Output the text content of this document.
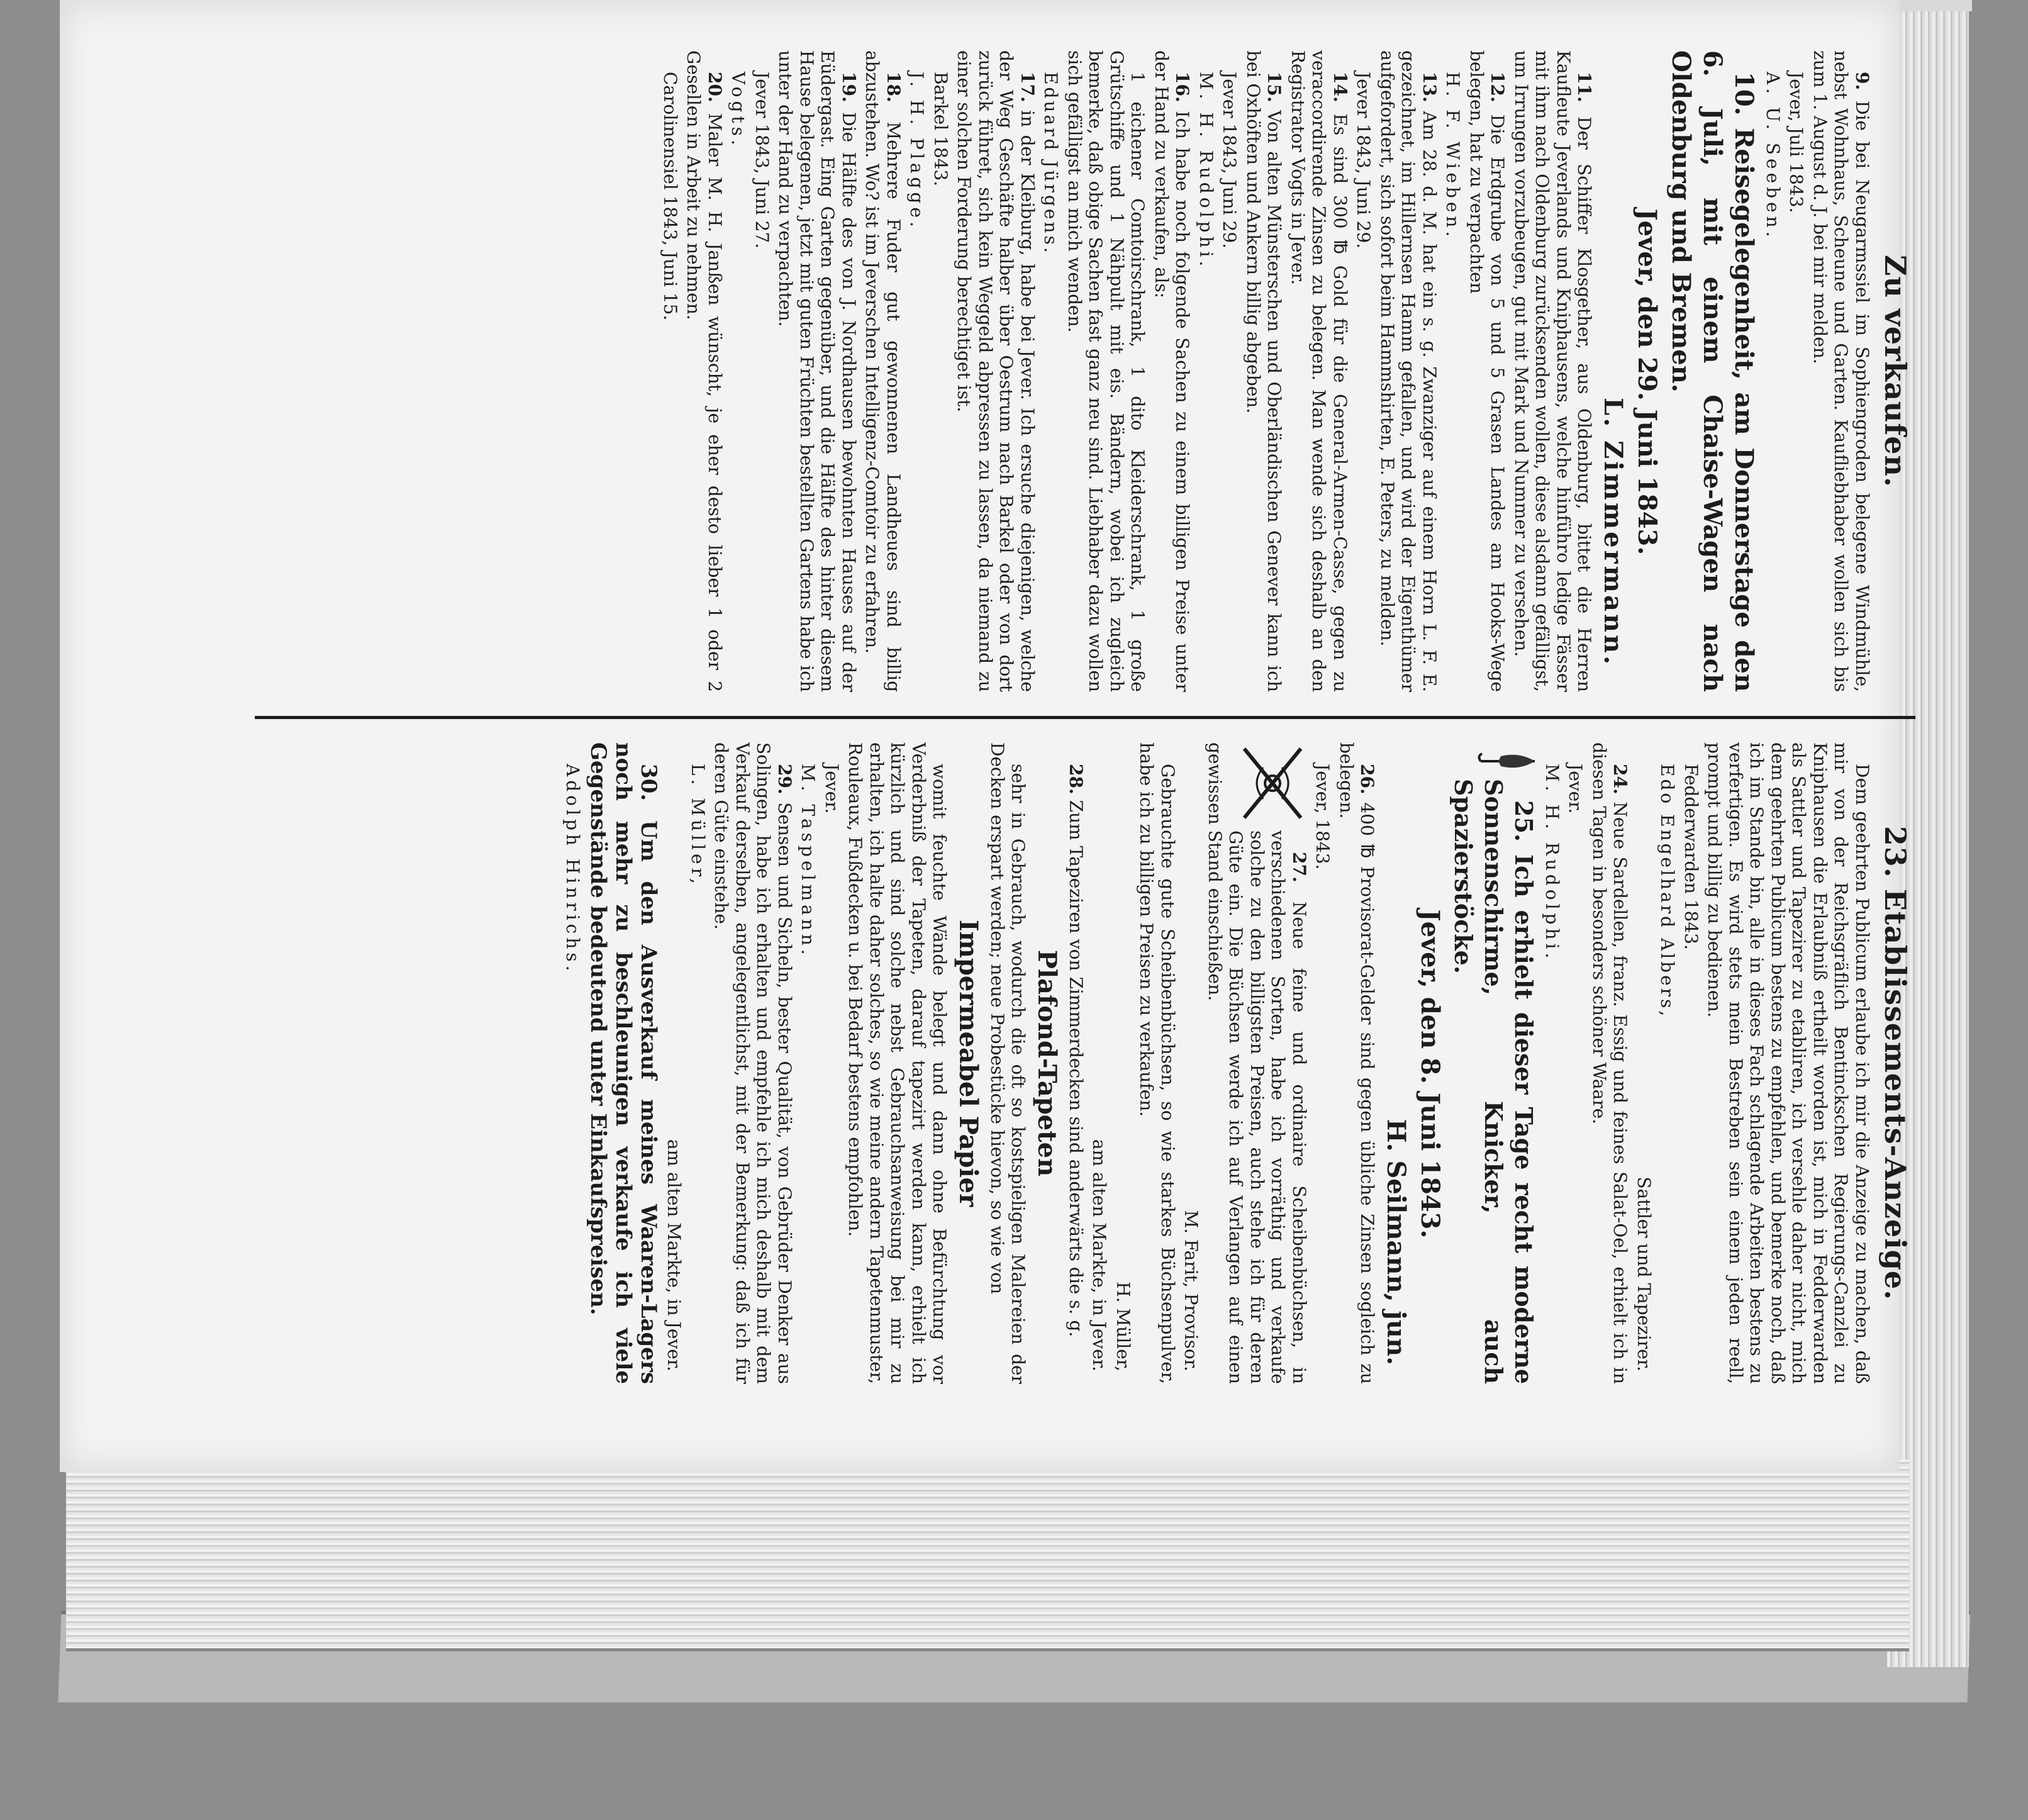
Zu verkaufen.

9. Die bei Neugarmssiel im Sophiengroden belegene Windmühle, nebst Wohnhaus, Scheune und Garten. Kaufliebhaber wollen sich bis zum 1. August d. J. bei mir melden.

Jever, Juli 1843.

A. U. Seeben.

10. Reisegelegenheit, am Donnerstage den 6. Juli, mit einem Chaise-Wagen nach Oldenburg und Bremen.

Jever, den 29. Juni 1843.

L. Zimmermann.

11. Der Schiffer Klosgether, aus Oldenburg, bittet die Herren Kaufleute Jeverlands und Kniphausens, welche hinführo ledige Fässer mit ihm nach Oldenburg zurücksenden wollen, diese alsdann gefälligst, um Irrungen vorzubeugen, gut mit Mark und Nummer zu versehen.

12. Die Erdgrube von 5 und 5 Grasen Landes am Hooks-Wege belegen, hat zu verpachten

H. F. Wieben.

13. Am 28. d. M. hat ein s. g. Zwanziger auf einem Horn L. F. E. gezeichnet, im Hillernsen Hamm gefallen, und wird der Eigenthümer aufgefordert, sich sofort beim Hammshirten, E. Peters, zu melden.

Jever 1843, Juni 29.

14. Es sind 300 ℔ Gold für die General-Armen-Casse, gegen zu veraccordirende Zinsen zu belegen. Man wende sich deshalb an den Registrator Vogts in Jever.

15. Von alten Münsterschen und Oberländischen Genever kann ich bei Oxhöften und Ankern billig abgeben.

Jever 1843, Juni 29.

M. H. Rudolphi.

16. Ich habe noch folgende Sachen zu einem billigen Preise unter der Hand zu verkaufen, als:

1 eichener Comtoirschrank, 1 dito Kleiderschrank, 1 große Grütschiffe und 1 Nähpult mit eis. Bändern, wobei ich zugleich bemerke, daß obige Sachen fast ganz neu sind. Liebhaber dazu wollen sich gefälligst an mich wenden.

Eduard Jürgens.

17. in der Kleiburg, habe bei Jever. Ich ersuche diejenigen, welche der Weg Geschäfte halber über Oestrum nach Barkel oder von dort zurück führet, sich kein Weggeld abpressen zu lassen, da niemand zu einer solchen Forderung berechtiget ist.

Barkel 1843.

J. H. Plagge.

18. Mehrere Fuder gut gewonnenen Landheues sind billig abzustehen. Wo? ist im Jeverschen Intelligenz-Comtoir zu erfahren.

19. Die Hälfte des von J. Nordhausen bewohnten Hauses auf der Eüdergast. Eing Garten gegenüber, und die Hälfte des hinter diesem Hause belegenen, jetzt mit guten Früchten bestellten Gartens habe ich unter der Hand zu verpachten.

Jever 1843, Juni 27.

Vogts.

20. Maler M. H. Janßen wünscht, je eher desto lieber 1 oder 2 Gesellen in Arbeit zu nehmen.

Carolinensiel 1843, Juni 15.

23. Etablissements-Anzeige.

Dem geehrten Publicum erlaube ich mir die Anzeige zu machen, daß mir von der Reichsgräflich Bentinckschen Regierungs-Canzlei zu Kniphausen die Erlaubniß ertheilt worden ist, mich in Fedderwarden als Sattler und Tapezirer zu etabliren, ich versehle daher nicht, mich dem geehrten Publicum bestens zu empfehlen, und bemerke noch, daß ich im Stande bin, alle in dieses Fach schlagende Arbeiten bestens zu verfertigen. Es wird stets mein Bestreben sein einem jeden reell, prompt und billig zu bedienen.

Fedderwarden 1843.

Edo Engelhard Albers,

Sattler und Tapezirer.

24. Neue Sardellen, franz. Essig und feines Salat-Oel, erhielt ich in diesen Tagen in besonders schöner Waare.

Jever.

M. H. Rudolphi.

25. Ich erhielt dieser Tage recht moderne Sonnenschirme, Knicker, auch Spazierstöcke.

Jever, den 8. Juni 1843.

H. Seilmann, jun.

26. 400 ℔ Provisorat-Gelder sind gegen übliche Zinsen sogleich zu belegen.

Jever, 1843.

27. Neue feine und ordinaire Scheibenbüchsen, in verschiedenen Sorten, habe ich vorräthig und verkaufe solche zu den billigsten Preisen, auch stehe ich für deren Güte ein. Die Büchsen werde ich auf Verlangen auf einen gewissen Stand einschießen.

M. Farit, Provisor.

Gebrauchte gute Scheibenbüchsen, so wie starkes Büchsenpulver, habe ich zu billigen Preisen zu verkaufen.

H. Müller,

am alten Markte, in Jever.

28. Zum Tapeziren von Zimmerdecken sind anderwärts die s. g.

Plafond-Tapeten

sehr in Gebrauch, wodurch die oft so kostspieligen Malereien der Decken erspart werden; neue Probestücke hievon, so wie von

Impermeabel Papier

womit feuchte Wände belegt und dann ohne Befürchtung vor Verderbniß der Tapeten, darauf tapezirt werden kann, erhielt ich kürzlich und sind solche nebst Gebrauchsanweisung bei mir zu erhalten, ich halte daher solches, so wie meine andern Tapetenmuster, Rouleaux, Fußdecken u. bei Bedarf bestens empfohlen.

Jever.

M. Taspelmann.

29. Sensen und Sicheln, bester Qualität, von Gebrüder Denker aus Solingen, habe ich erhalten und empfehle ich mich deshalb mit dem Verkauf derselben, angelegentlichst, mit der Bemerkung: daß ich für deren Güte einstehe.

L. Müller,

am alten Markte, in Jever.

30. Um den Ausverkauf meines Waaren-Lagers noch mehr zu beschleunigen verkaufe ich viele Gegenstände bedeutend unter Einkaufspreisen.

Adolph Hinrichs.
